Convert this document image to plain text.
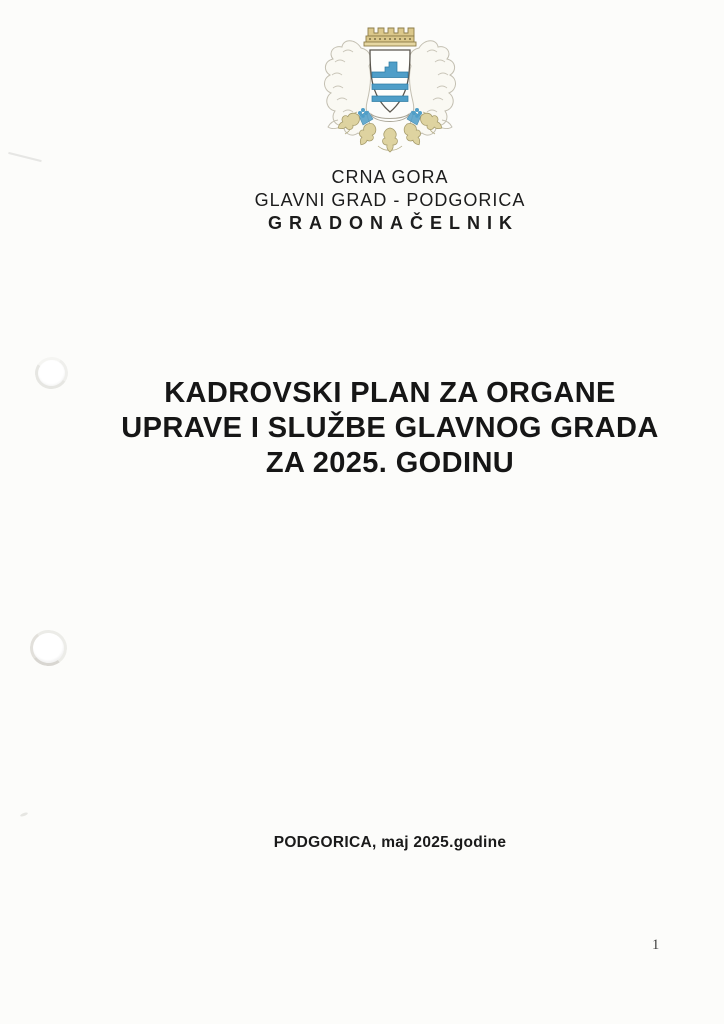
CRNA GORA
GLAVNI GRAD - PODGORICA
GRADONAČELNIK
KADROVSKI PLAN ZA ORGANE
UPRAVE I SLUŽBE GLAVNOG GRADA
ZA 2025. GODINU
PODGORICA, maj 2025.godine
1
